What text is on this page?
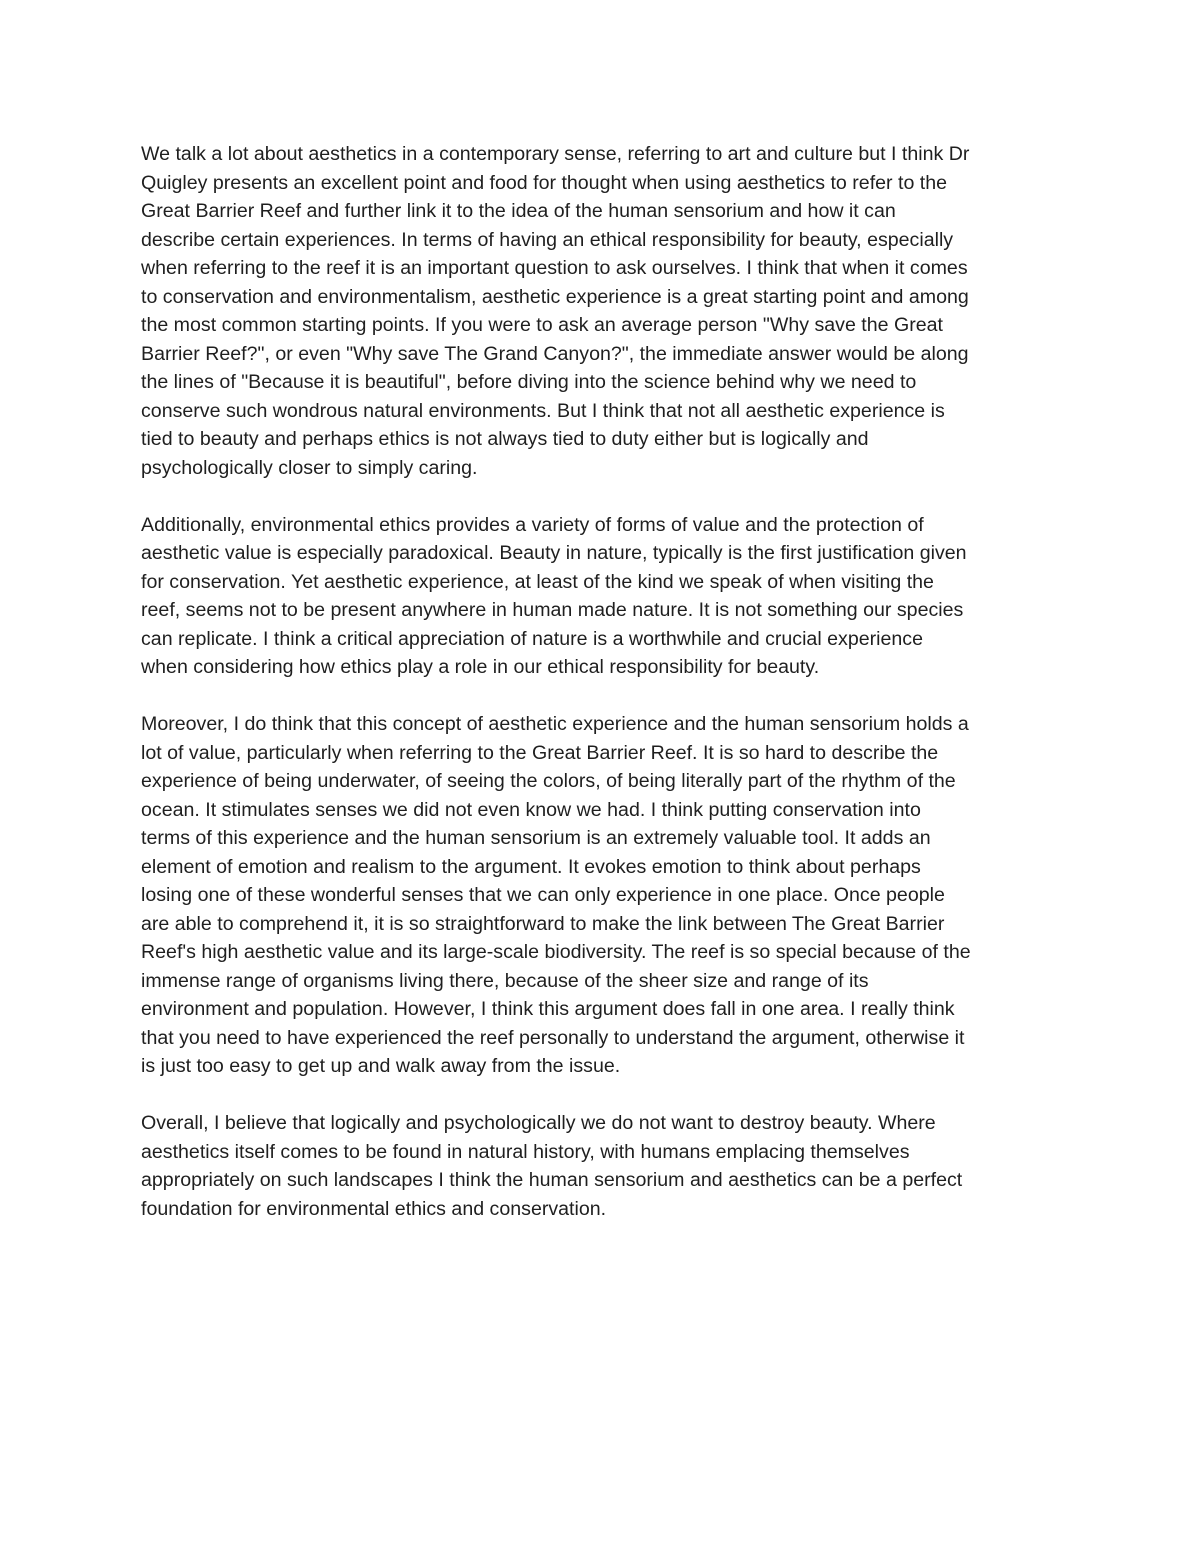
We talk a lot about aesthetics in a contemporary sense, referring to art and culture but I think Dr
Quigley presents an excellent point and food for thought when using aesthetics to refer to the
Great Barrier Reef and further link it to the idea of the human sensorium and how it can
describe certain experiences. In terms of having an ethical responsibility for beauty, especially
when referring to the reef it is an important question to ask ourselves. I think that when it comes
to conservation and environmentalism, aesthetic experience is a great starting point and among
the most common starting points. If you were to ask an average person "Why save the Great
Barrier Reef?", or even "Why save The Grand Canyon?", the immediate answer would be along
the lines of "Because it is beautiful", before diving into the science behind why we need to
conserve such wondrous natural environments. But I think that not all aesthetic experience is
tied to beauty and perhaps ethics is not always tied to duty either but is logically and
psychologically closer to simply caring.

Additionally, environmental ethics provides a variety of forms of value and the protection of
aesthetic value is especially paradoxical. Beauty in nature, typically is the first justification given
for conservation. Yet aesthetic experience, at least of the kind we speak of when visiting the
reef, seems not to be present anywhere in human made nature. It is not something our species
can replicate. I think a critical appreciation of nature is a worthwhile and crucial experience
when considering how ethics play a role in our ethical responsibility for beauty.

Moreover, I do think that this concept of aesthetic experience and the human sensorium holds a
lot of value, particularly when referring to the Great Barrier Reef. It is so hard to describe the
experience of being underwater, of seeing the colors, of being literally part of the rhythm of the
ocean. It stimulates senses we did not even know we had. I think putting conservation into
terms of this experience and the human sensorium is an extremely valuable tool. It adds an
element of emotion and realism to the argument. It evokes emotion to think about perhaps
losing one of these wonderful senses that we can only experience in one place. Once people
are able to comprehend it, it is so straightforward to make the link between The Great Barrier
Reef's high aesthetic value and its large-scale biodiversity. The reef is so special because of the
immense range of organisms living there, because of the sheer size and range of its
environment and population. However, I think this argument does fall in one area. I really think
that you need to have experienced the reef personally to understand the argument, otherwise it
is just too easy to get up and walk away from the issue.

Overall, I believe that logically and psychologically we do not want to destroy beauty. Where
aesthetics itself comes to be found in natural history, with humans emplacing themselves
appropriately on such landscapes I think the human sensorium and aesthetics can be a perfect
foundation for environmental ethics and conservation.
